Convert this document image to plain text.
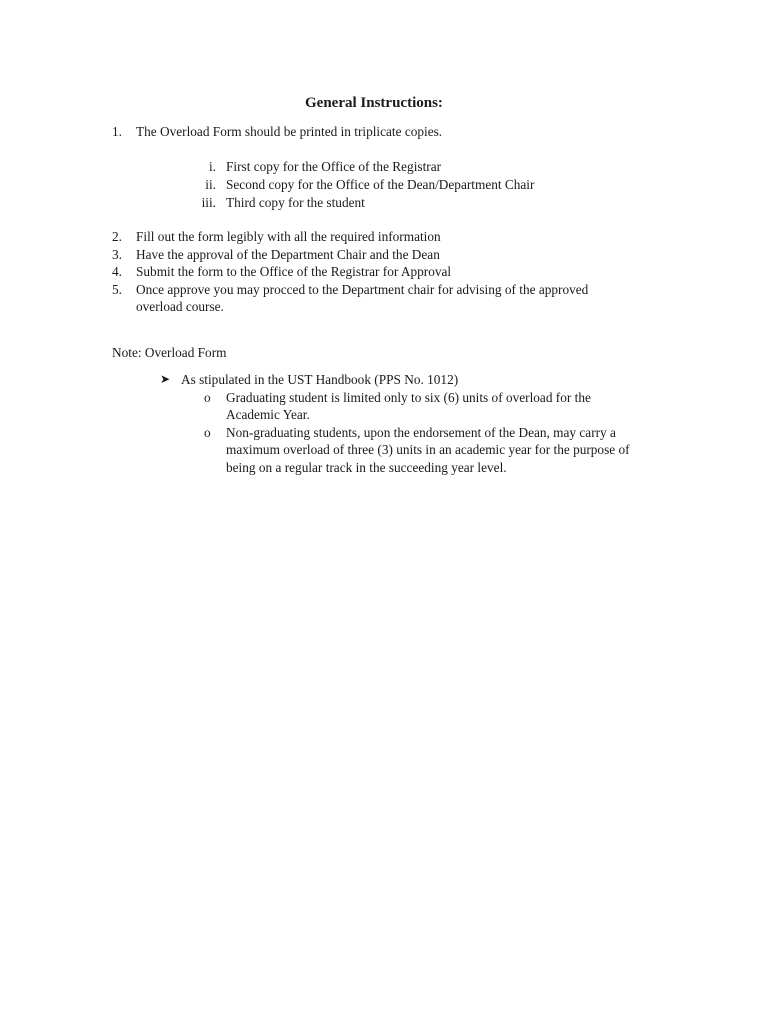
General Instructions:
1. The Overload Form should be printed in triplicate copies.
i. First copy for the Office of the Registrar
ii. Second copy for the Office of the Dean/Department Chair
iii. Third copy for the student
2. Fill out the form legibly with all the required information
3. Have the approval of the Department Chair and the Dean
4. Submit the form to the Office of the Registrar for Approval
5. Once approve you may procced to the Department chair for advising of the approved
overload course.
Note: Overload Form
➤ As stipulated in the UST Handbook (PPS No. 1012)
o Graduating student is limited only to six (6) units of overload for the
Academic Year.
o Non-graduating students, upon the endorsement of the Dean, may carry a
maximum overload of three (3) units in an academic year for the purpose of
being on a regular track in the succeeding year level.
